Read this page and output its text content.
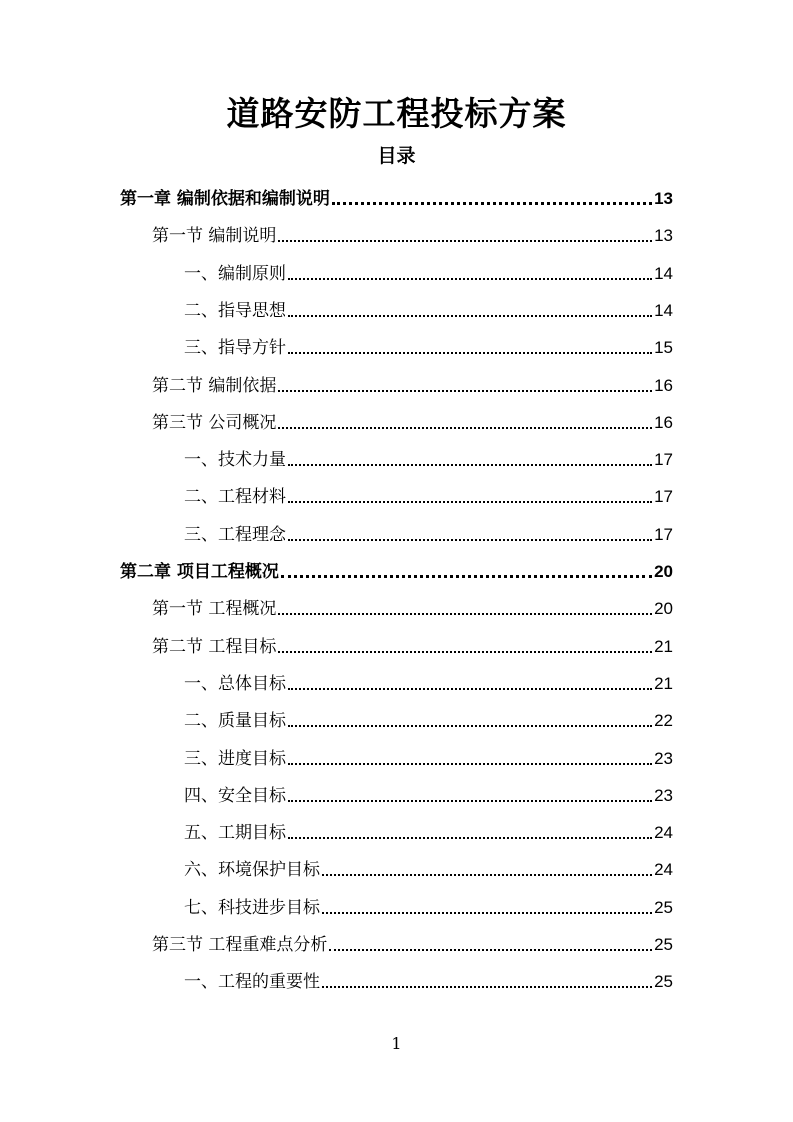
道路安防工程投标方案
目录
第一章 编制依据和编制说明	13
第一节 编制说明	13
一、编制原则	14
二、指导思想	14
三、指导方针	15
第二节 编制依据	16
第三节 公司概况	16
一、技术力量	17
二、工程材料	17
三、工程理念	17
第二章 项目工程概况	20
第一节 工程概况	20
第二节 工程目标	21
一、总体目标	21
二、质量目标	22
三、进度目标	23
四、安全目标	23
五、工期目标	24
六、环境保护目标	24
七、科技进步目标	25
第三节 工程重难点分析	25
一、工程的重要性	25
1
